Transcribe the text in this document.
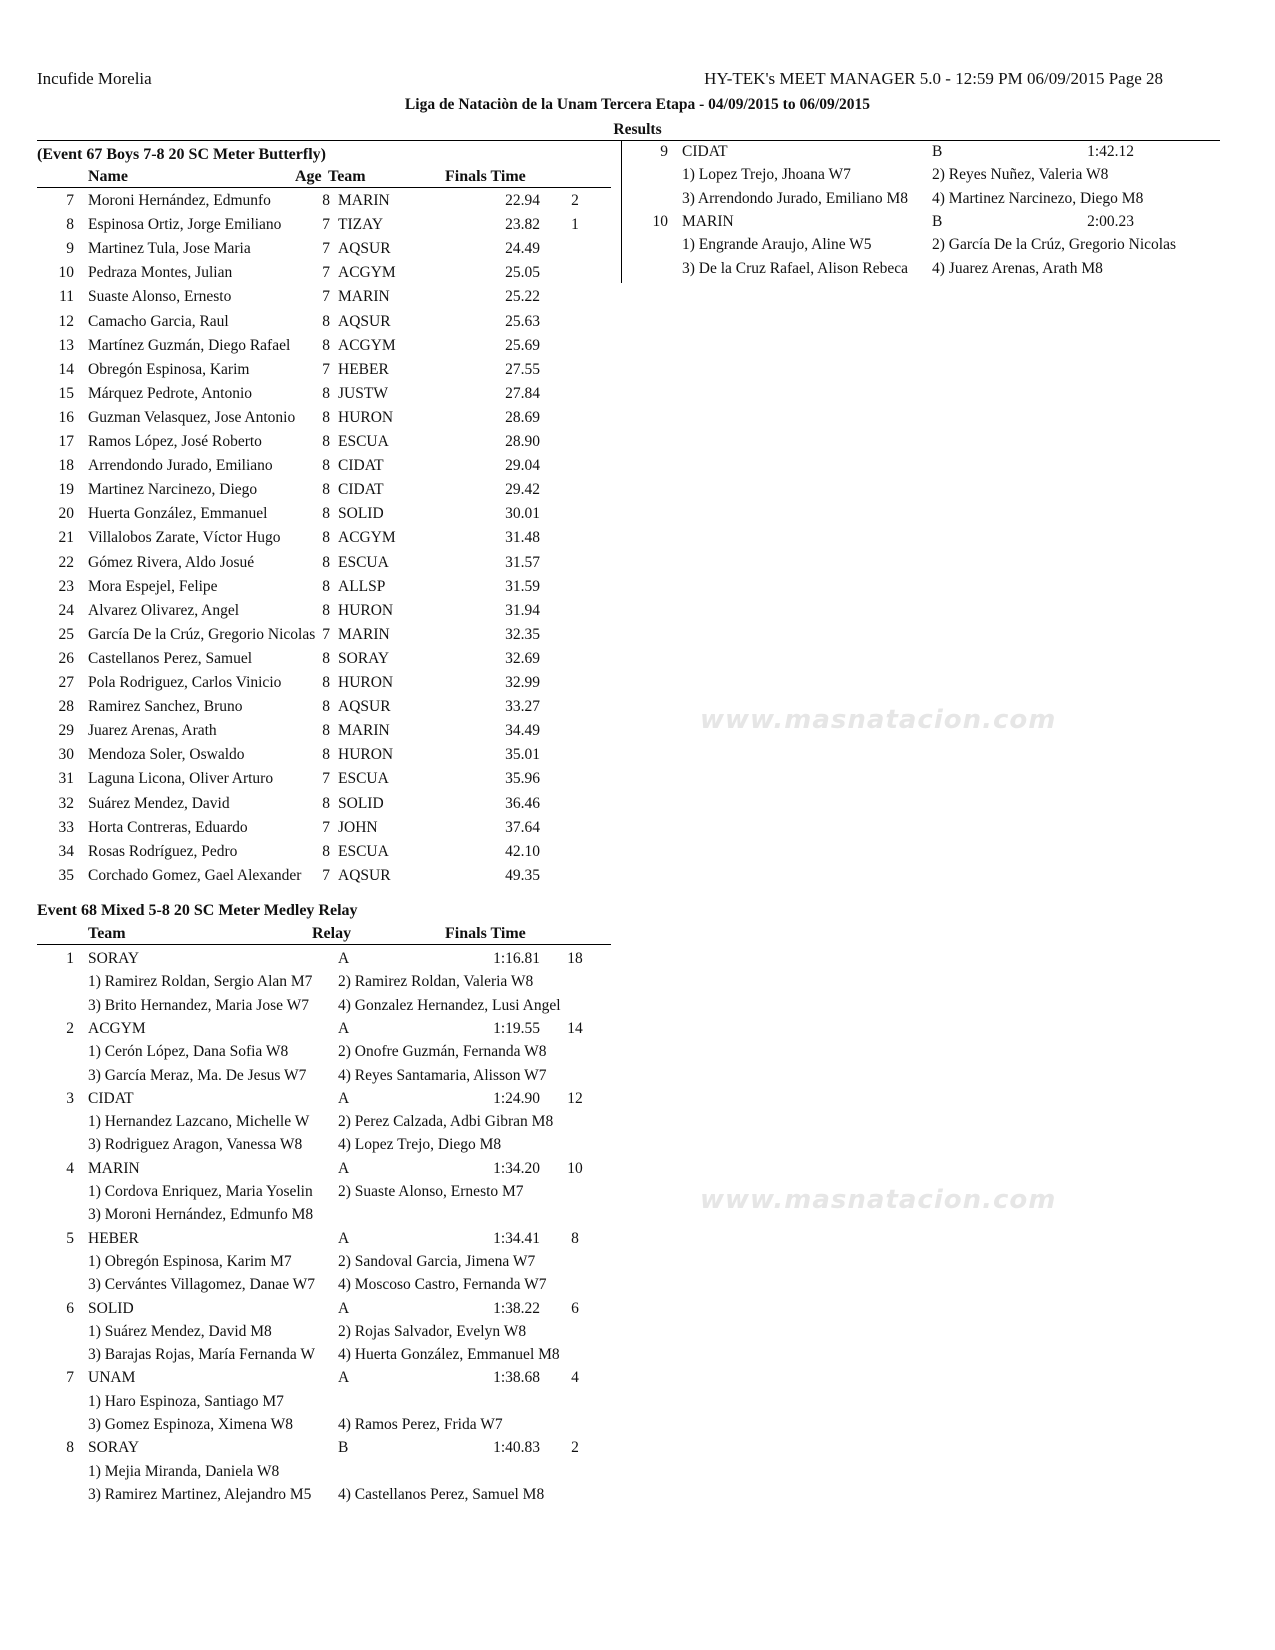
Incufide Morelia	HY-TEK's MEET MANAGER 5.0 - 12:59 PM 06/09/2015 Page 28
Liga de Nataciòn de la Unam Tercera Etapa - 04/09/2015 to 06/09/2015
Results
www.masnatacion.com
www.masnatacion.com
(Event 67 Boys 7-8 20 SC Meter Butterfly)
Name	Age Team	Finals Time
7 Moroni Hernández, Edmunfo	8 MARIN	22.94	2
8 Espinosa Ortiz, Jorge Emiliano	7 TIZAY	23.82	1
9 Martinez Tula, Jose Maria	7 AQSUR	24.49
10 Pedraza Montes, Julian	7 ACGYM	25.05
11 Suaste Alonso, Ernesto	7 MARIN	25.22
12 Camacho Garcia, Raul	8 AQSUR	25.63
13 Martínez Guzmán, Diego Rafael	8 ACGYM	25.69
14 Obregón Espinosa, Karim	7 HEBER	27.55
15 Márquez Pedrote, Antonio	8 JUSTW	27.84
16 Guzman Velasquez, Jose Antonio	8 HURON	28.69
17 Ramos López, José Roberto	8 ESCUA	28.90
18 Arrendondo Jurado, Emiliano	8 CIDAT	29.04
19 Martinez Narcinezo, Diego	8 CIDAT	29.42
20 Huerta González, Emmanuel	8 SOLID	30.01
21 Villalobos Zarate, Víctor Hugo	8 ACGYM	31.48
22 Gómez Rivera, Aldo Josué	8 ESCUA	31.57
23 Mora Espejel, Felipe	8 ALLSP	31.59
24 Alvarez Olivarez, Angel	8 HURON	31.94
25 García De la Crúz, Gregorio Nicolas 7 MARIN	32.35
26 Castellanos Perez, Samuel	8 SORAY	32.69
27 Pola Rodriguez, Carlos Vinicio	8 HURON	32.99
28 Ramirez Sanchez, Bruno	8 AQSUR	33.27
29 Juarez Arenas, Arath	8 MARIN	34.49
30 Mendoza Soler, Oswaldo	8 HURON	35.01
31 Laguna Licona, Oliver Arturo	7 ESCUA	35.96
32 Suárez Mendez, David	8 SOLID	36.46
33 Horta Contreras, Eduardo	7 JOHN	37.64
34 Rosas Rodríguez, Pedro	8 ESCUA	42.10
35 Corchado Gomez, Gael Alexander	7 AQSUR	49.35
Event 68 Mixed 5-8 20 SC Meter Medley Relay
Team	Relay	Finals Time
1 SORAY	A	1:16.81	18
1) Ramirez Roldan, Sergio Alan M7	2) Ramirez Roldan, Valeria W8
3) Brito Hernandez, Maria Jose W7	4) Gonzalez Hernandez, Lusi Angel
2 ACGYM	A	1:19.55	14
1) Cerón López, Dana Sofia W8	2) Onofre Guzmán, Fernanda W8
3) García Meraz, Ma. De Jesus W7	4) Reyes Santamaria, Alisson W7
3 CIDAT	A	1:24.90	12
1) Hernandez Lazcano, Michelle W	2) Perez Calzada, Adbi Gibran M8
3) Rodriguez Aragon, Vanessa W8	4) Lopez Trejo, Diego M8
4 MARIN	A	1:34.20	10
1) Cordova Enriquez, Maria Yoselin	2) Suaste Alonso, Ernesto M7
3) Moroni Hernández, Edmunfo M8
5 HEBER	A	1:34.41	8
1) Obregón Espinosa, Karim M7	2) Sandoval Garcia, Jimena W7
3) Cervántes Villagomez, Danae W7	4) Moscoso Castro, Fernanda W7
6 SOLID	A	1:38.22	6
1) Suárez Mendez, David M8	2) Rojas Salvador, Evelyn W8
3) Barajas Rojas, María Fernanda W	4) Huerta González, Emmanuel M8
7 UNAM	A	1:38.68	4
1) Haro Espinoza, Santiago M7
3) Gomez Espinoza, Ximena W8	4) Ramos Perez, Frida W7
8 SORAY	B	1:40.83	2
1) Mejia Miranda, Daniela W8
3) Ramirez Martinez, Alejandro M5	4) Castellanos Perez, Samuel M8
9 CIDAT	B	1:42.12
1) Lopez Trejo, Jhoana W7	2) Reyes Nuñez, Valeria W8
3) Arrendondo Jurado, Emiliano M8	4) Martinez Narcinezo, Diego M8
10 MARIN	B	2:00.23
1) Engrande Araujo, Aline W5	2) García De la Crúz, Gregorio Nicolas
3) De la Cruz Rafael, Alison Rebeca	4) Juarez Arenas, Arath M8
